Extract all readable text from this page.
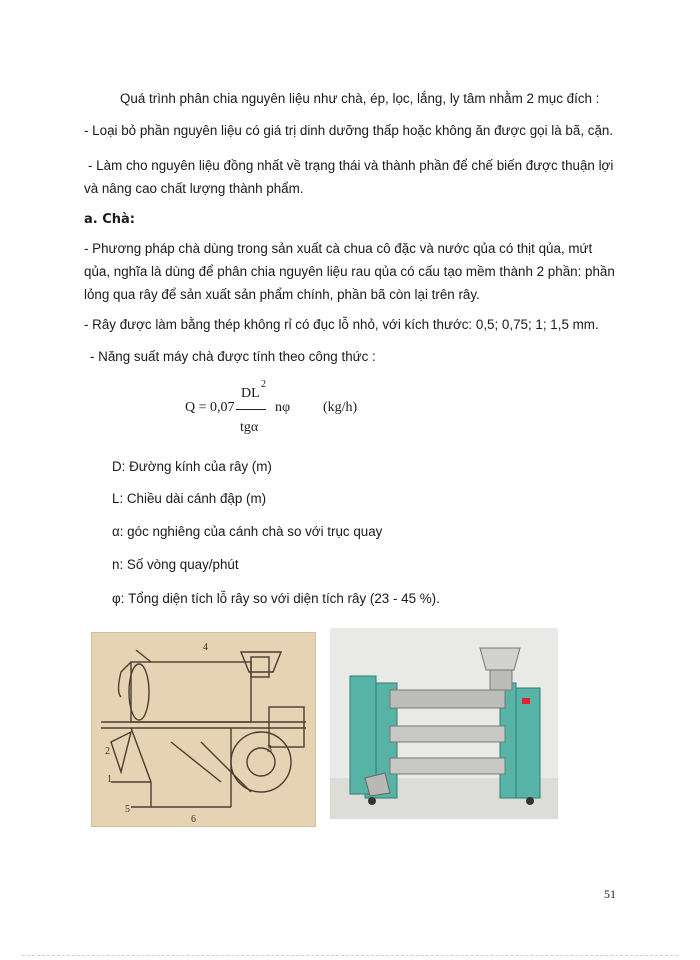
Quá trình phân chia nguyên liệu như chà, ép, lọc, lắng, ly tâm nhằm 2 mục đích :

- Loại bỏ phần nguyên liệu có giá trị dinh dưỡng thấp hoặc không ăn được gọi là bã, cặn.

- Làm cho nguyên liệu đồng nhất về trạng thái và thành phần để chế biến được thuận lợi và nâng cao chất lượng thành phẩm.

a. Chà:

- Phương pháp chà dùng trong sản xuất cà chua cô đặc và nước qủa có thịt qủa, mứt qủa, nghĩa là dùng để phân chia nguyên liệu rau qủa có cấu tạo mềm thành 2 phần: phần lỏng qua rây để sản xuất sản phẩm chính, phần bã còn lại trên rây.

- Rây được làm bằng thép không rỉ có đục lỗ nhỏ, với kích thước: 0,5; 0,75; 1; 1,5 mm.

- Năng suất máy chà được tính theo công thức :

Q = 0,07
DL
2
tgα
nφ (kg/h)
D: Đường kính của rây (m)
L: Chiều dài cánh đập (m)
α: góc nghiêng của cánh chà so với trục quay
n: Số vòng quay/phút
φ: Tổng diện tích lỗ rây so với diện tích rây (23 - 45 %).
4
2
5
1
3
6
51
